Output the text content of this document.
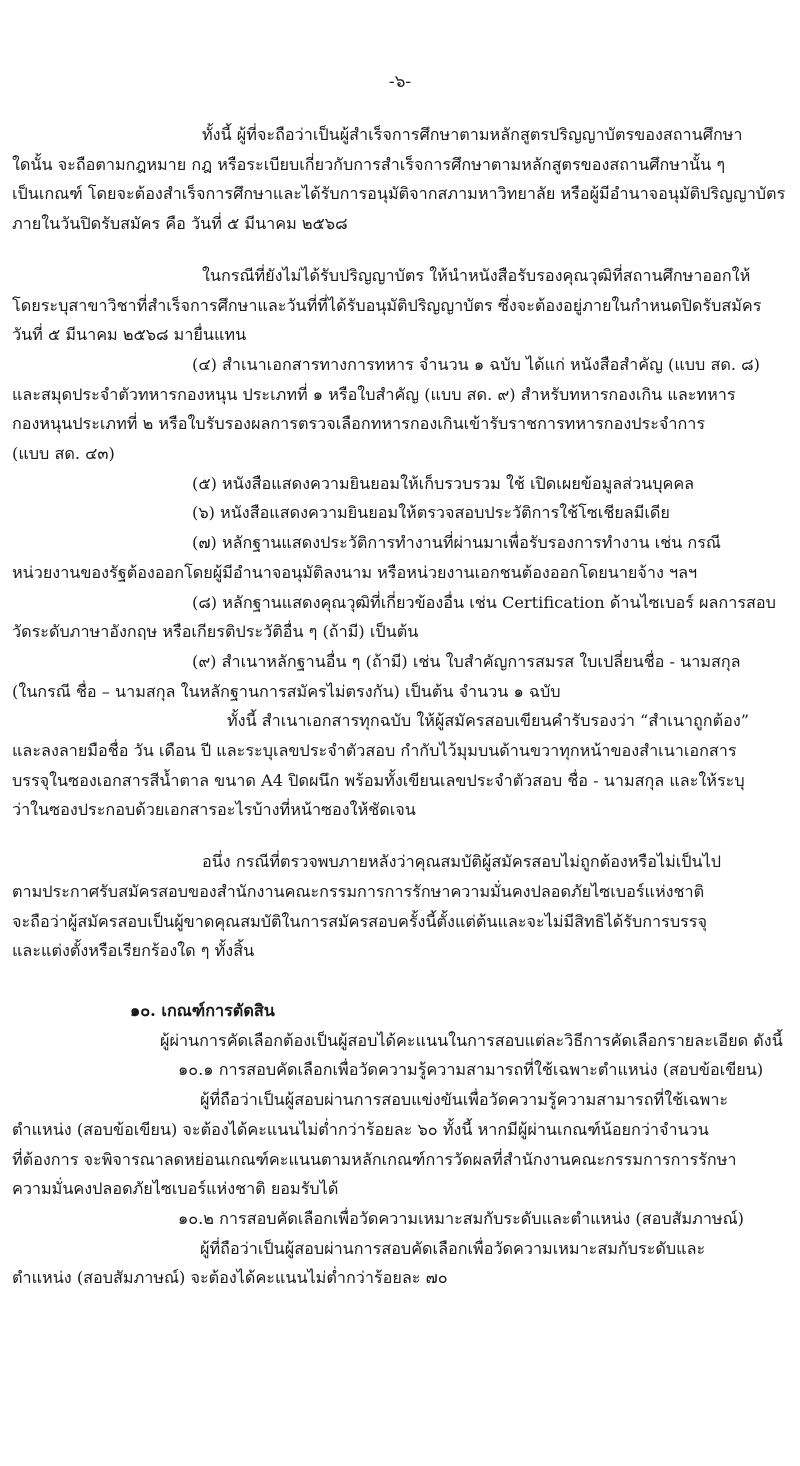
-๖-
ทั้งนี้ ผู้ที่จะถือว่าเป็นผู้สำเร็จการศึกษาตามหลักสูตรปริญญาบัตรของสถานศึกษา
ใดนั้น จะถือตามกฎหมาย กฎ หรือระเบียบเกี่ยวกับการสำเร็จการศึกษาตามหลักสูตรของสถานศึกษานั้น ๆ
เป็นเกณฑ์ โดยจะต้องสำเร็จการศึกษาและได้รับการอนุมัติจากสภามหาวิทยาลัย หรือผู้มีอำนาจอนุมัติปริญญาบัตร
ภายในวันปิดรับสมัคร คือ วันที่ ๕ มีนาคม ๒๕๖๘
ในกรณีที่ยังไม่ได้รับปริญญาบัตร ให้นำหนังสือรับรองคุณวุฒิที่สถานศึกษาออกให้
โดยระบุสาขาวิชาที่สำเร็จการศึกษาและวันที่ที่ได้รับอนุมัติปริญญาบัตร ซึ่งจะต้องอยู่ภายในกำหนดปิดรับสมัคร
วันที่ ๕ มีนาคม ๒๕๖๘ มายื่นแทน
(๔) สำเนาเอกสารทางการทหาร จำนวน ๑ ฉบับ ได้แก่ หนังสือสำคัญ (แบบ สด. ๘)
และสมุดประจำตัวทหารกองหนุน ประเภทที่ ๑ หรือใบสำคัญ (แบบ สด. ๙) สำหรับทหารกองเกิน และทหาร
กองหนุนประเภทที่ ๒ หรือใบรับรองผลการตรวจเลือกทหารกองเกินเข้ารับราชการทหารกองประจำการ
(แบบ สด. ๔๓)
(๕) หนังสือแสดงความยินยอมให้เก็บรวบรวม ใช้ เปิดเผยข้อมูลส่วนบุคคล
(๖) หนังสือแสดงความยินยอมให้ตรวจสอบประวัติการใช้โซเชียลมีเดีย
(๗) หลักฐานแสดงประวัติการทำงานที่ผ่านมาเพื่อรับรองการทำงาน เช่น กรณี
หน่วยงานของรัฐต้องออกโดยผู้มีอำนาจอนุมัติลงนาม หรือหน่วยงานเอกชนต้องออกโดยนายจ้าง ฯลฯ
(๘) หลักฐานแสดงคุณวุฒิที่เกี่ยวข้องอื่น เช่น Certification ด้านไซเบอร์ ผลการสอบ
วัดระดับภาษาอังกฤษ หรือเกียรติประวัติอื่น ๆ (ถ้ามี) เป็นต้น
(๙) สำเนาหลักฐานอื่น ๆ (ถ้ามี) เช่น ใบสำคัญการสมรส ใบเปลี่ยนชื่อ - นามสกุล
(ในกรณี ชื่อ – นามสกุล ในหลักฐานการสมัครไม่ตรงกัน) เป็นต้น จำนวน ๑ ฉบับ
ทั้งนี้ สำเนาเอกสารทุกฉบับ ให้ผู้สมัครสอบเขียนคำรับรองว่า “สำเนาถูกต้อง”
และลงลายมือชื่อ วัน เดือน ปี และระบุเลขประจำตัวสอบ กำกับไว้มุมบนด้านขวาทุกหน้าของสำเนาเอกสาร
บรรจุในซองเอกสารสีน้ำตาล ขนาด A4 ปิดผนึก พร้อมทั้งเขียนเลขประจำตัวสอบ ชื่อ - นามสกุล และให้ระบุ
ว่าในซองประกอบด้วยเอกสารอะไรบ้างที่หน้าซองให้ชัดเจน
อนึ่ง กรณีที่ตรวจพบภายหลังว่าคุณสมบัติผู้สมัครสอบไม่ถูกต้องหรือไม่เป็นไป
ตามประกาศรับสมัครสอบของสำนักงานคณะกรรมการการรักษาความมั่นคงปลอดภัยไซเบอร์แห่งชาติ
จะถือว่าผู้สมัครสอบเป็นผู้ขาดคุณสมบัติในการสมัครสอบครั้งนี้ตั้งแต่ต้นและจะไม่มีสิทธิได้รับการบรรจุ
และแต่งตั้งหรือเรียกร้องใด ๆ ทั้งสิ้น
๑๐. เกณฑ์การตัดสิน
ผู้ผ่านการคัดเลือกต้องเป็นผู้สอบได้คะแนนในการสอบแต่ละวิธีการคัดเลือกรายละเอียด ดังนี้
๑๐.๑ การสอบคัดเลือกเพื่อวัดความรู้ความสามารถที่ใช้เฉพาะตำแหน่ง (สอบข้อเขียน)
ผู้ที่ถือว่าเป็นผู้สอบผ่านการสอบแข่งขันเพื่อวัดความรู้ความสามารถที่ใช้เฉพาะ
ตำแหน่ง (สอบข้อเขียน) จะต้องได้คะแนนไม่ต่ำกว่าร้อยละ ๖๐ ทั้งนี้ หากมีผู้ผ่านเกณฑ์น้อยกว่าจำนวน
ที่ต้องการ จะพิจารณาลดหย่อนเกณฑ์คะแนนตามหลักเกณฑ์การวัดผลที่สำนักงานคณะกรรมการการรักษา
ความมั่นคงปลอดภัยไซเบอร์แห่งชาติ ยอมรับได้
๑๐.๒ การสอบคัดเลือกเพื่อวัดความเหมาะสมกับระดับและตำแหน่ง (สอบสัมภาษณ์)
ผู้ที่ถือว่าเป็นผู้สอบผ่านการสอบคัดเลือกเพื่อวัดความเหมาะสมกับระดับและ
ตำแหน่ง (สอบสัมภาษณ์) จะต้องได้คะแนนไม่ต่ำกว่าร้อยละ ๗๐
